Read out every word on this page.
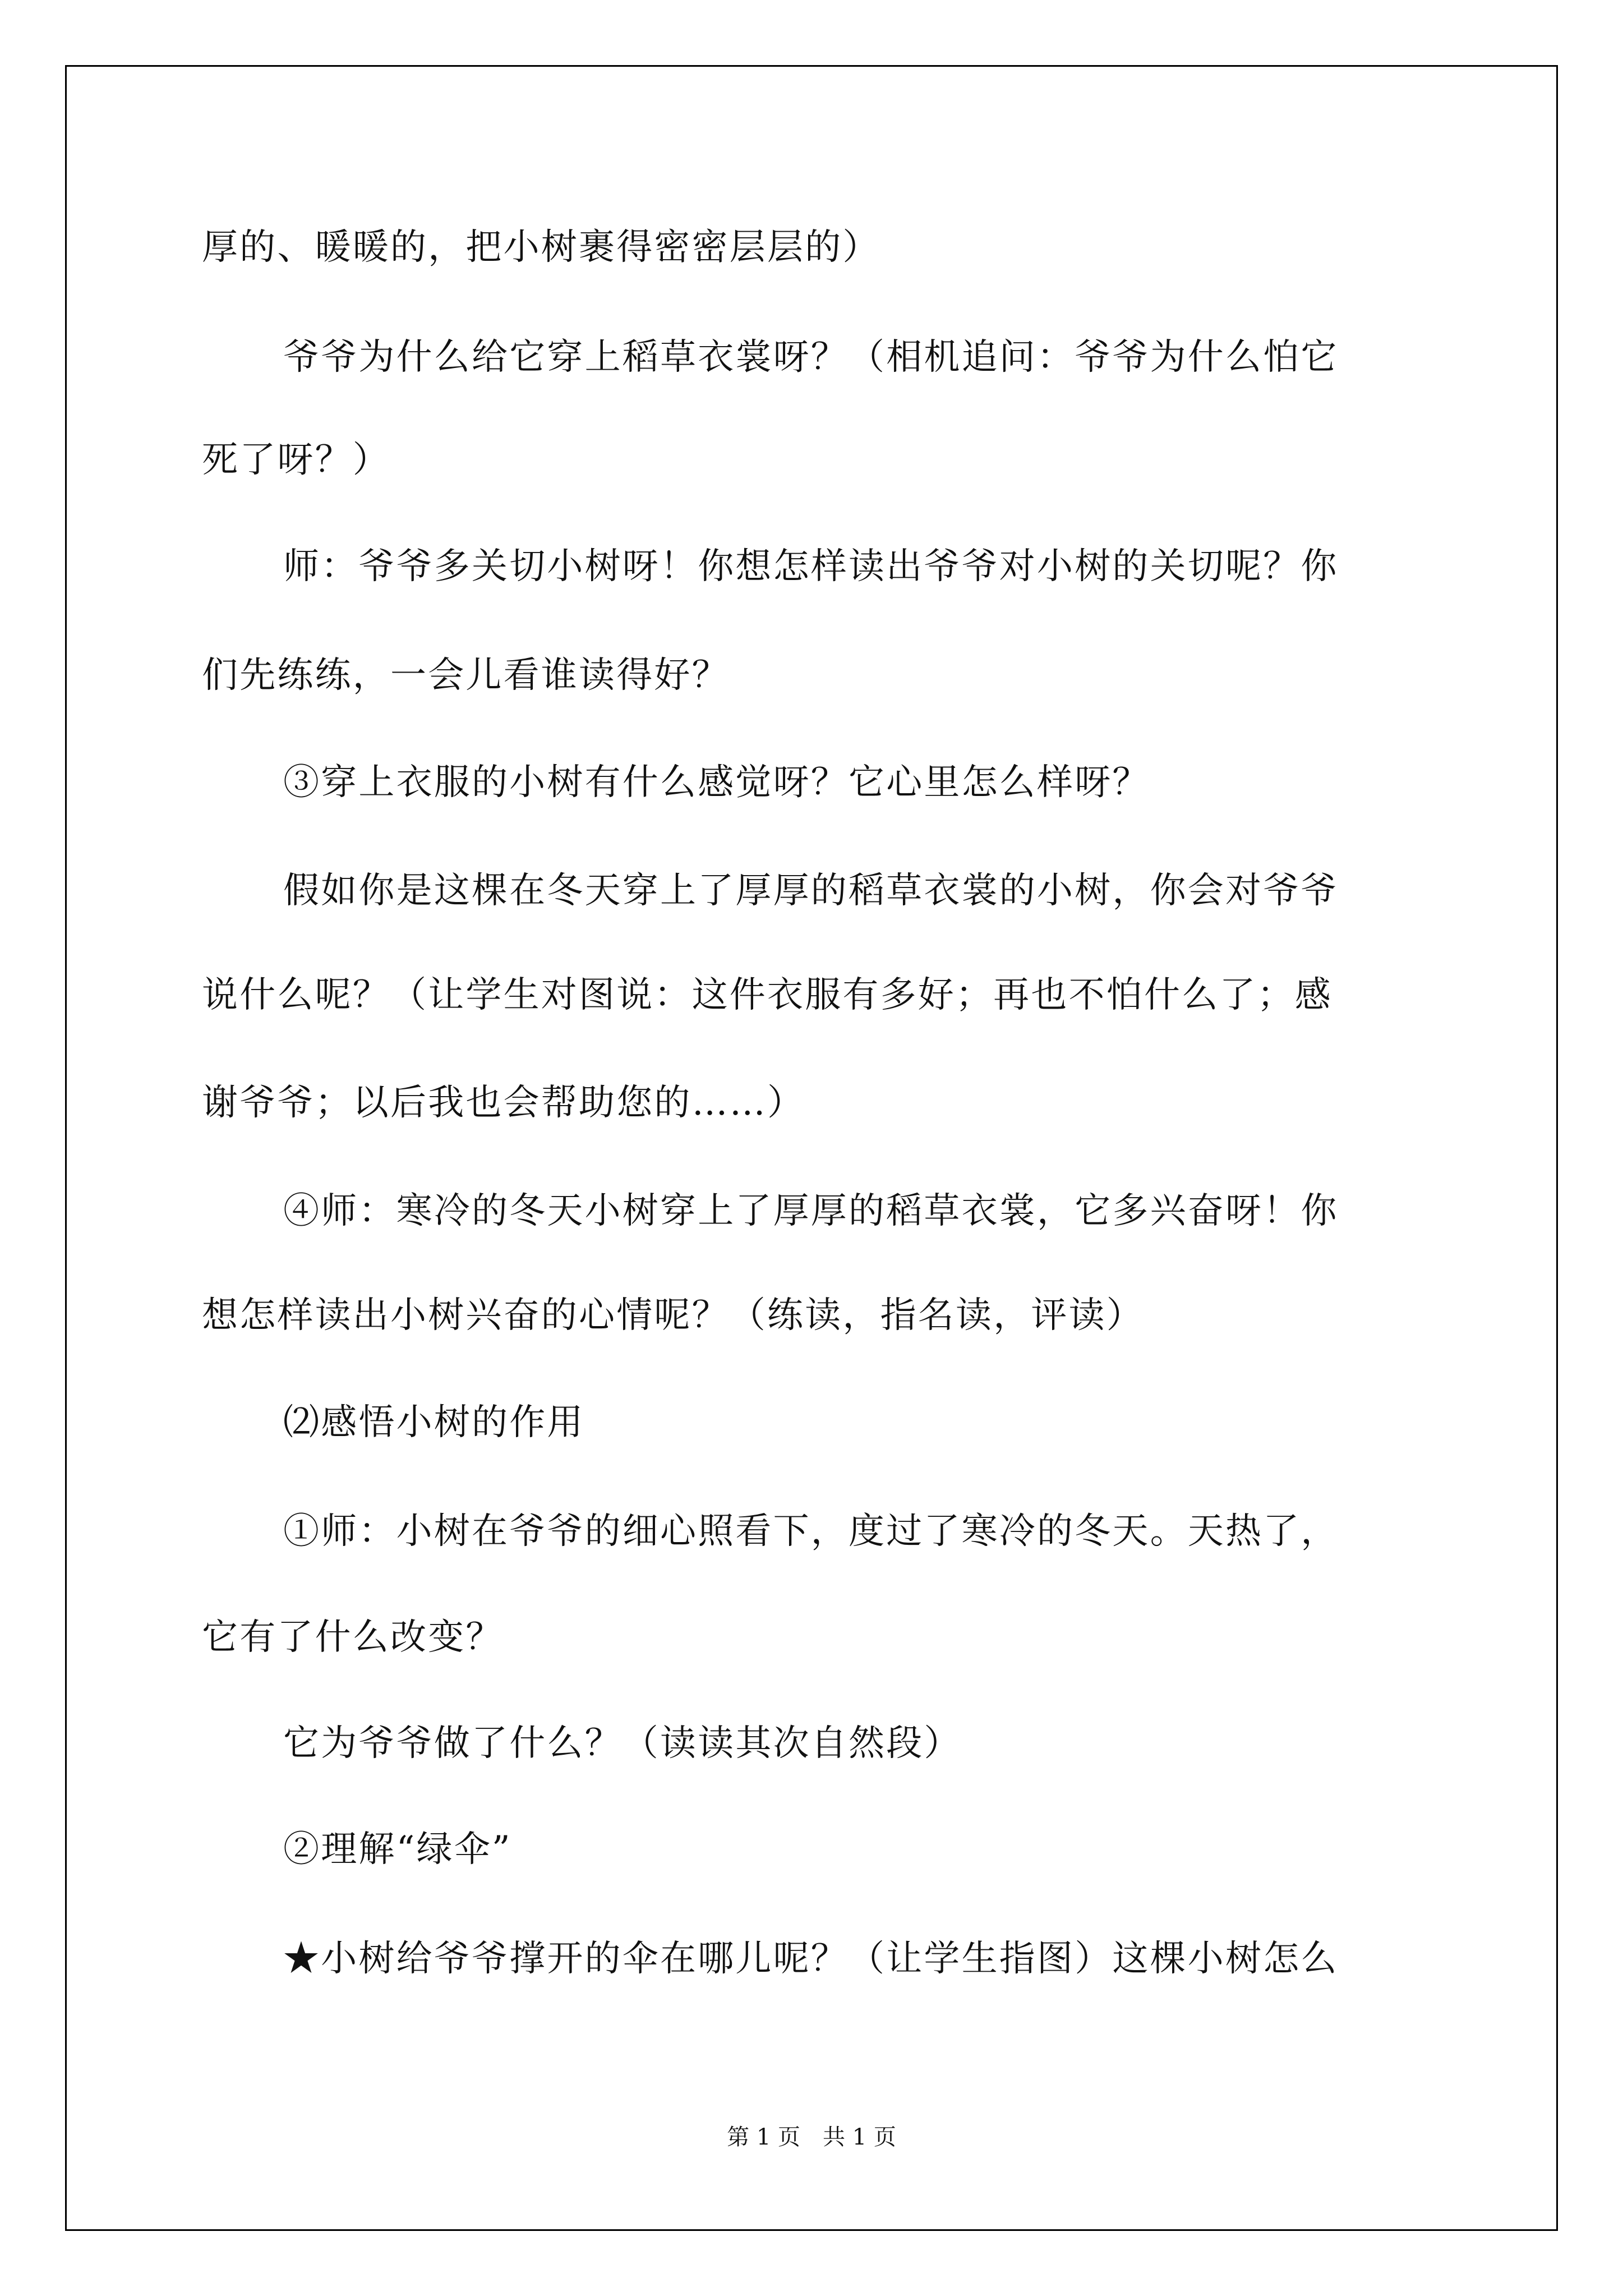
厚的、暖暖的，把小树裹得密密层层的）
爷爷为什么给它穿上稻草衣裳呀？（相机追问：爷爷为什么怕它
死了呀？）
师：爷爷多关切小树呀！你想怎样读出爷爷对小树的关切呢？你
们先练练，一会儿看谁读得好？
③穿上衣服的小树有什么感觉呀？它心里怎么样呀？
假如你是这棵在冬天穿上了厚厚的稻草衣裳的小树，你会对爷爷
说什么呢？（让学生对图说：这件衣服有多好；再也不怕什么了；感
谢爷爷；以后我也会帮助您的……）
④师：寒冷的冬天小树穿上了厚厚的稻草衣裳，它多兴奋呀！你
想怎样读出小树兴奋的心情呢？（练读，指名读，评读）
⑵感悟小树的作用
①师：小树在爷爷的细心照看下，度过了寒冷的冬天。天热了，
它有了什么改变？
它为爷爷做了什么？（读读其次自然段）
②理解“绿伞”
★小树给爷爷撑开的伞在哪儿呢？（让学生指图）这棵小树怎么
第 1 页　共 1 页
